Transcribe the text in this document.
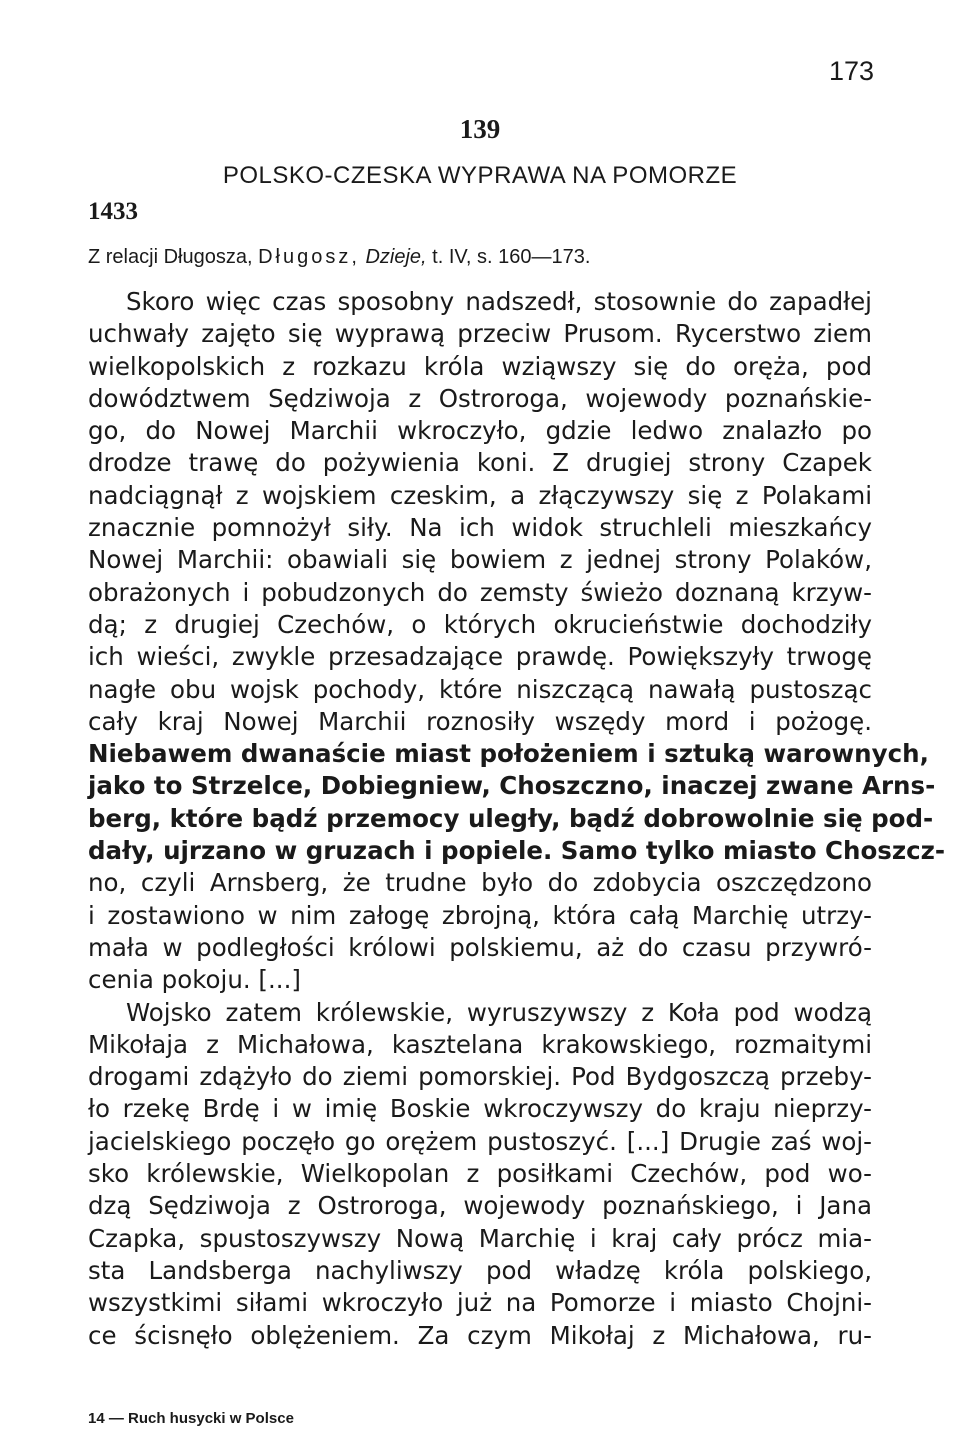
173
139
POLSKO-CZESKA WYPRAWA NA POMORZE
1433
Z relacji Długosza, Długosz, Dzieje, t. IV, s. 160—173.
Skoro więc czas sposobny nadszedł, stosownie do zapadłej
uchwały zajęto się wyprawą przeciw Prusom. Rycerstwo ziem
wielkopolskich z rozkazu króla wziąwszy się do oręża, pod
dowództwem Sędziwoja z Ostroroga, wojewody poznańskie-
go, do Nowej Marchii wkroczyło, gdzie ledwo znalazło po
drodze trawę do pożywienia koni. Z drugiej strony Czapek
nadciągnął z wojskiem czeskim, a złączywszy się z Polakami
znacznie pomnożył siły. Na ich widok struchleli mieszkańcy
Nowej Marchii: obawiali się bowiem z jednej strony Polaków,
obrażonych i pobudzonych do zemsty świeżo doznaną krzyw-
dą; z drugiej Czechów, o których okrucieństwie dochodziły
ich wieści, zwykle przesadzające prawdę. Powiększyły trwogę
nagłe obu wojsk pochody, które niszczącą nawałą pustosząc
cały kraj Nowej Marchii roznosiły wszędy mord i pożogę.
Niebawem dwanaście miast położeniem i sztuką warownych,
jako to Strzelce, Dobiegniew, Choszczno, inaczej zwane Arns-
berg, które bądź przemocy uległy, bądź dobrowolnie się pod-
dały, ujrzano w gruzach i popiele. Samo tylko miasto Choszcz-
no, czyli Arnsberg, że trudne było do zdobycia oszczędzono
i zostawiono w nim załogę zbrojną, która całą Marchię utrzy-
mała w podległości królowi polskiemu, aż do czasu przywró-
cenia pokoju. [...]
Wojsko zatem królewskie, wyruszywszy z Koła pod wodzą
Mikołaja z Michałowa, kasztelana krakowskiego, rozmaitymi
drogami zdążyło do ziemi pomorskiej. Pod Bydgoszczą przeby-
ło rzekę Brdę i w imię Boskie wkroczywszy do kraju nieprzy-
jacielskiego poczęło go orężem pustoszyć. [...] Drugie zaś woj-
sko królewskie, Wielkopolan z posiłkami Czechów, pod wo-
dzą Sędziwoja z Ostroroga, wojewody poznańskiego, i Jana
Czapka, spustoszywszy Nową Marchię i kraj cały prócz mia-
sta Landsberga nachyliwszy pod władzę króla polskiego,
wszystkimi siłami wkroczyło już na Pomorze i miasto Chojni-
ce ścisnęło oblężeniem. Za czym Mikołaj z Michałowa, ru-
14 — Ruch husycki w Polsce
